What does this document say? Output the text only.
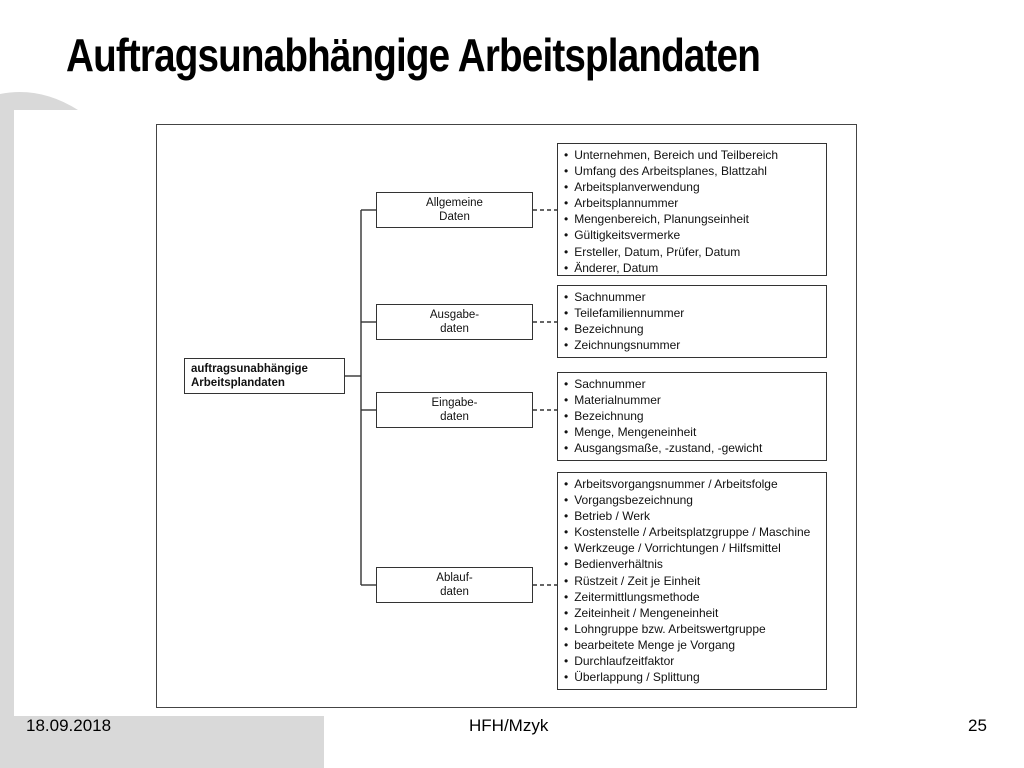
Auftragsunabhängige Arbeitsplandaten
auftragsunabhängige
Arbeitsplandaten
Allgemeine
Daten
Ausgabe-
daten
Eingabe-
daten
Ablauf-
daten
• Unternehmen, Bereich und Teilbereich
• Umfang des Arbeitsplanes, Blattzahl
• Arbeitsplanverwendung
• Arbeitsplannummer
• Mengenbereich, Planungseinheit
• Gültigkeitsvermerke
• Ersteller, Datum, Prüfer, Datum
• Änderer, Datum
• Sachnummer
• Teilefamiliennummer
• Bezeichnung
• Zeichnungsnummer
• Sachnummer
• Materialnummer
• Bezeichnung
• Menge, Mengeneinheit
• Ausgangsmaße, -zustand, -gewicht
• Arbeitsvorgangsnummer / Arbeitsfolge
• Vorgangsbezeichnung
• Betrieb / Werk
• Kostenstelle / Arbeitsplatzgruppe / Maschine
• Werkzeuge / Vorrichtungen / Hilfsmittel
• Bedienverhältnis
• Rüstzeit / Zeit je Einheit
• Zeitermittlungsmethode
• Zeiteinheit / Mengeneinheit
• Lohngruppe bzw. Arbeitswertgruppe
• bearbeitete Menge je Vorgang
• Durchlaufzeitfaktor
• Überlappung / Splittung
18.09.2018	HFH/Mzyk	25
